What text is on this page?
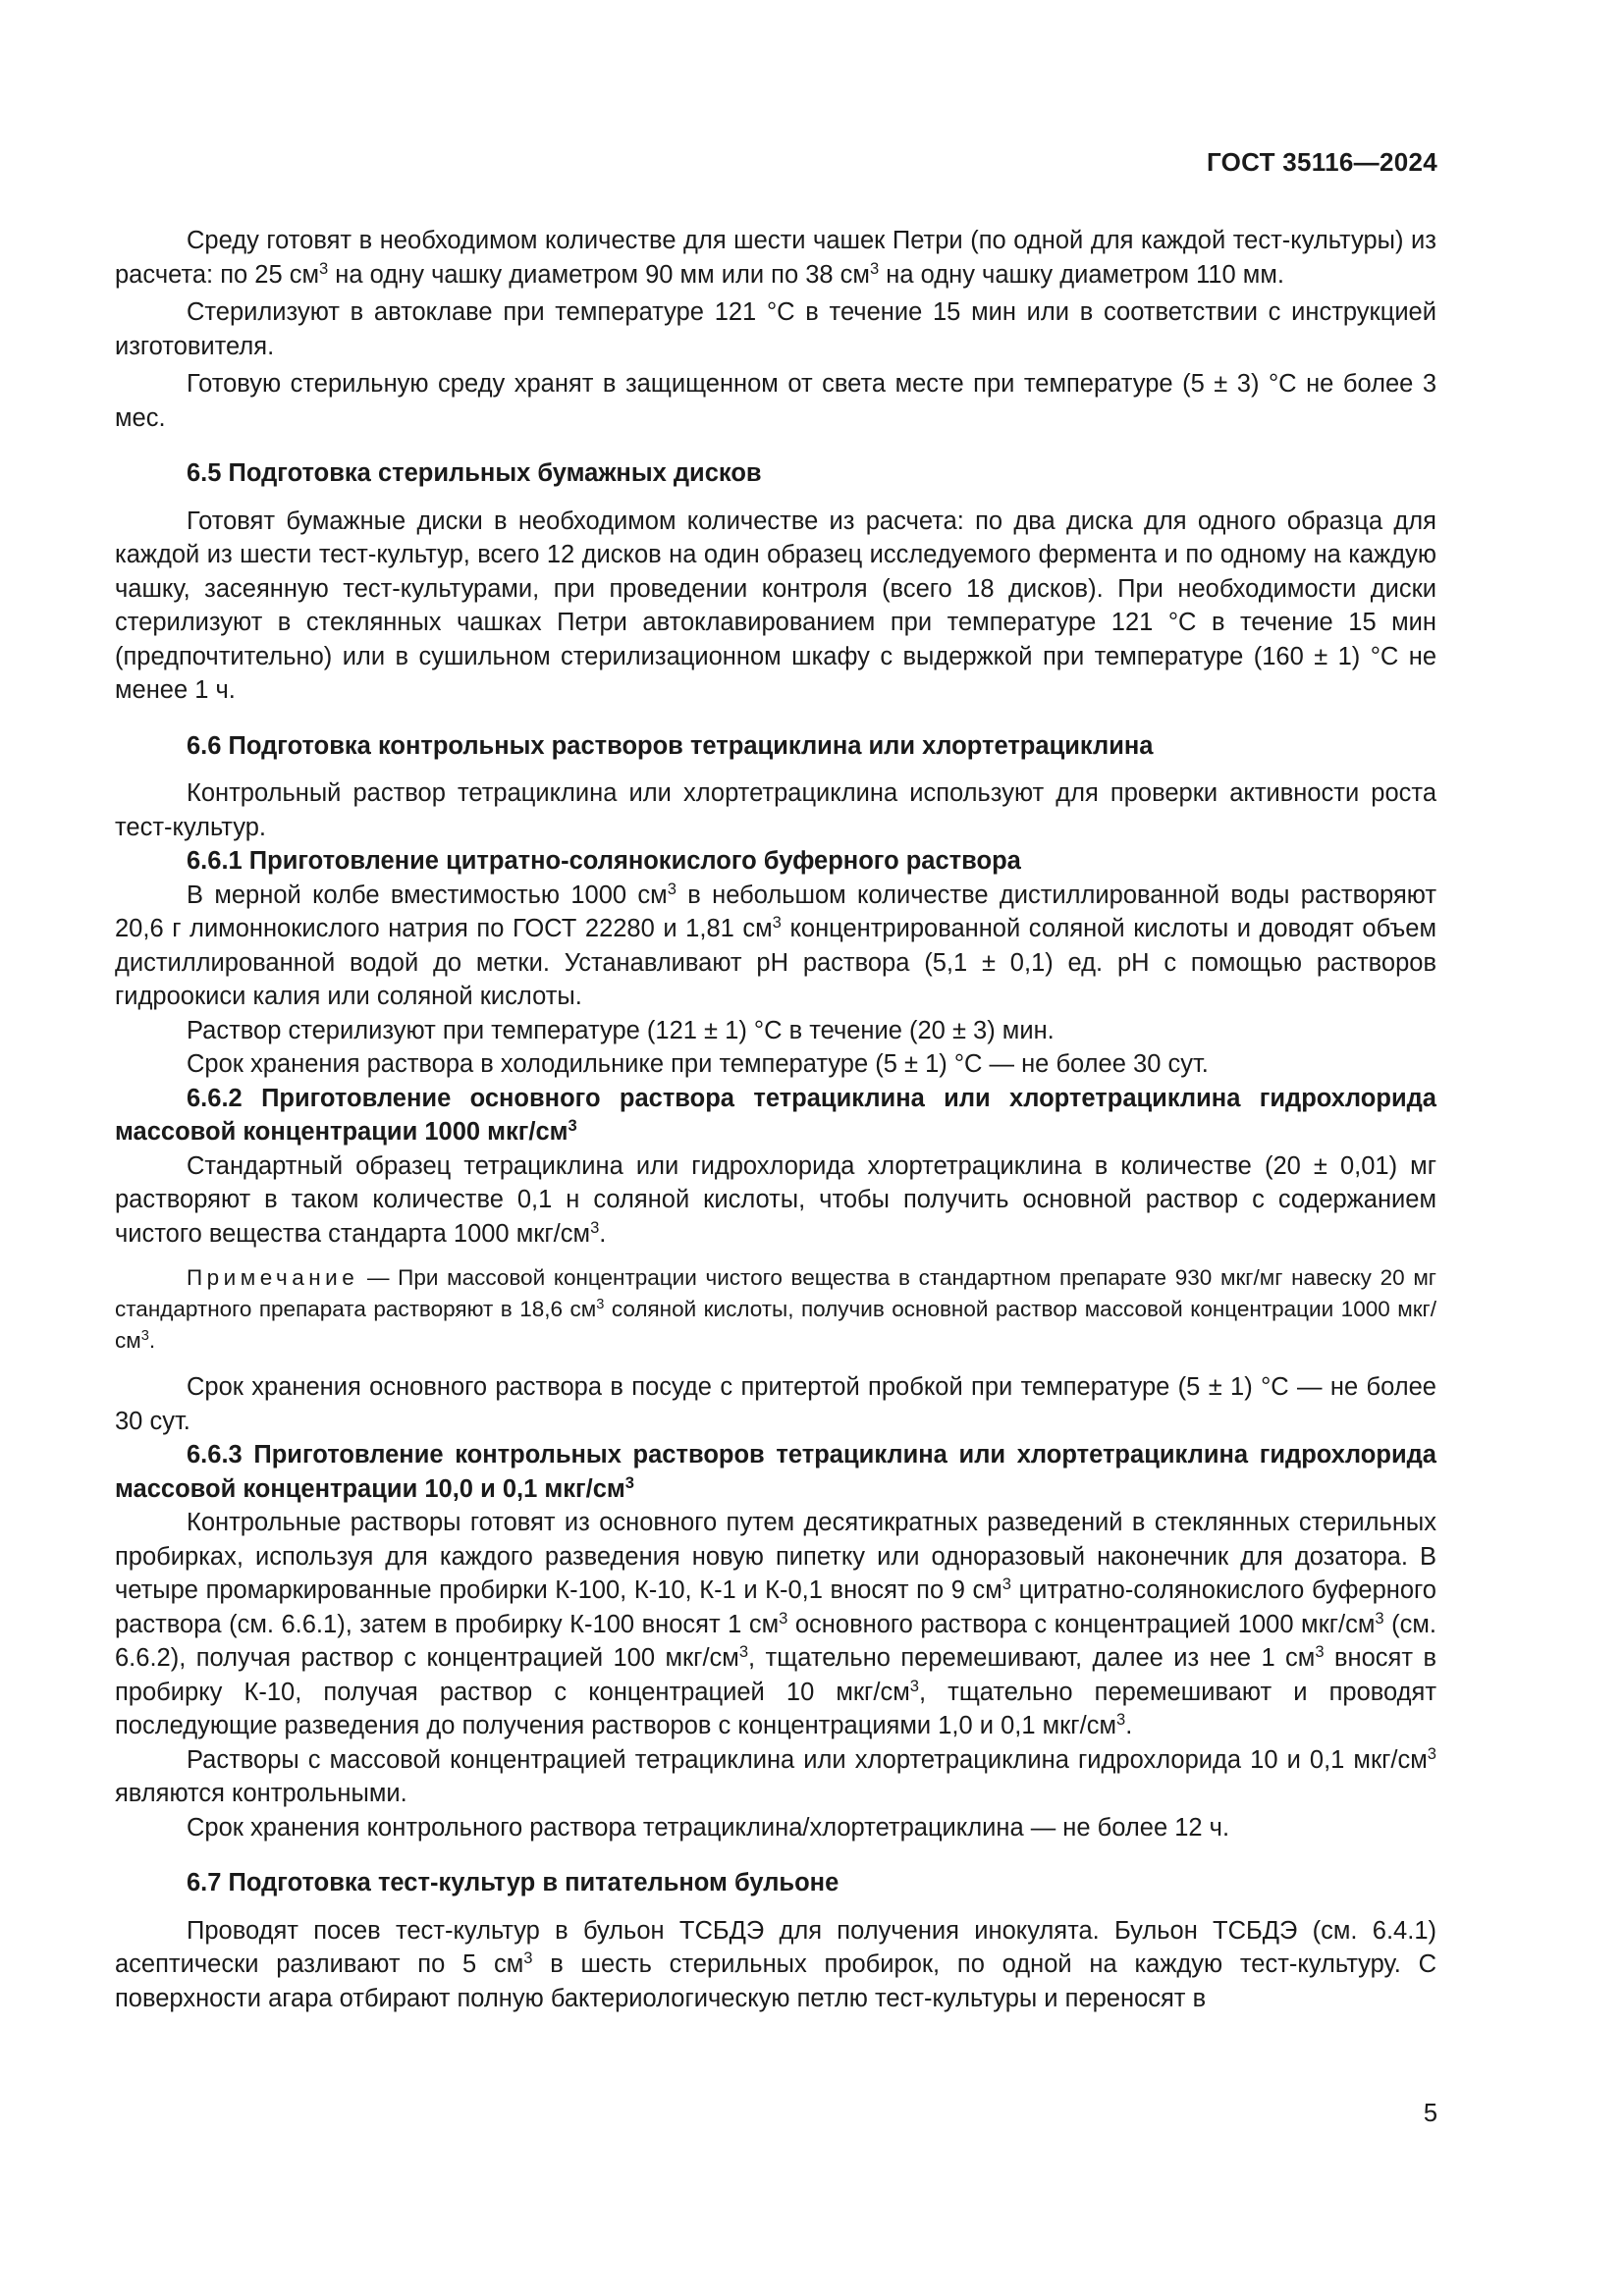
ГОСТ 35116—2024

Среду готовят в необходимом количестве для шести чашек Петри (по одной для каждой тест-культуры) из расчета: по 25 $см^3$ на одну чашку диаметром 90 мм или по 38 $см^3$ на одну чашку диаметром 110 мм.

Стерилизуют в автоклаве при температуре 121 °С в течение 15 мин или в соответствии с инструкцией изготовителя.

Готовую стерильную среду хранят в защищенном от света месте при температуре (5 ± 3) °С не более 3 мес.

6.5 Подготовка стерильных бумажных дисков

Готовят бумажные диски в необходимом количестве из расчета: по два диска для одного образца для каждой из шести тест-культур, всего 12 дисков на один образец исследуемого фермента и по одному на каждую чашку, засеянную тест-культурами, при проведении контроля (всего 18 дисков). При необходимости диски стерилизуют в стеклянных чашках Петри автоклавированием при температуре 121 °С в течение 15 мин (предпочтительно) или в сушильном стерилизационном шкафу с выдержкой при температуре (160 ± 1) °С не менее 1 ч.

6.6 Подготовка контрольных растворов тетрациклина или хлортетрациклина

Контрольный раствор тетрациклина или хлортетрациклина используют для проверки активности роста тест-культур.

6.6.1 Приготовление цитратно-солянокислого буферного раствора

В мерной колбе вместимостью 1000 $см^3$ в небольшом количестве дистиллированной воды растворяют 20,6 г лимоннокислого натрия по ГОСТ 22280 и 1,81 $см^3$ концентрированной соляной кислоты и доводят объем дистиллированной водой до метки. Устанавливают рН раствора (5,1 ± 0,1) ед. рН с помощью растворов гидроокиси калия или соляной кислоты.

Раствор стерилизуют при температуре (121 ± 1) °С в течение (20 ± 3) мин.

Срок хранения раствора в холодильнике при температуре (5 ± 1) °С — не более 30 сут.

6.6.2 Приготовление основного раствора тетрациклина или хлортетрациклина гидрохлорида массовой концентрации 1000 мкг/$см^3$

Стандартный образец тетрациклина или гидрохлорида хлортетрациклина в количестве (20 ± 0,01) мг растворяют в таком количестве 0,1 н соляной кислоты, чтобы получить основной раствор с содержанием чистого вещества стандарта 1000 мкг/$см^3$.

Примечание — При массовой концентрации чистого вещества в стандартном препарате 930 мкг/мг навеску 20 мг стандартного препарата растворяют в 18,6 $см^3$ соляной кислоты, получив основной раствор массовой концентрации 1000 мкг/$см^3$.

Срок хранения основного раствора в посуде с притертой пробкой при температуре (5 ± 1) °С — не более 30 сут.

6.6.3 Приготовление контрольных растворов тетрациклина или хлортетрациклина гидрохлорида массовой концентрации 10,0 и 0,1 мкг/$см^3$

Контрольные растворы готовят из основного путем десятикратных разведений в стеклянных стерильных пробирках, используя для каждого разведения новую пипетку или одноразовый наконечник для дозатора. В четыре промаркированные пробирки К-100, К-10, К-1 и К-0,1 вносят по 9 $см^3$ цитратно-солянокислого буферного раствора (см. 6.6.1), затем в пробирку К-100 вносят 1 $см^3$ основного раствора с концентрацией 1000 мкг/$см^3$ (см. 6.6.2), получая раствор с концентрацией 100 мкг/$см^3$, тщательно перемешивают, далее из нее 1 $см^3$ вносят в пробирку К-10, получая раствор с концентрацией 10 мкг/$см^3$, тщательно перемешивают и проводят последующие разведения до получения растворов с концентрациями 1,0 и 0,1 мкг/$см^3$.

Растворы с массовой концентрацией тетрациклина или хлортетрациклина гидрохлорида 10 и 0,1 мкг/$см^3$ являются контрольными.

Срок хранения контрольного раствора тетрациклина/хлортетрациклина — не более 12 ч.

6.7 Подготовка тест-культур в питательном бульоне

Проводят посев тест-культур в бульон ТСБДЭ для получения инокулята. Бульон ТСБДЭ (см. 6.4.1) асептически разливают по 5 $см^3$ в шесть стерильных пробирок, по одной на каждую тест-культуру. С поверхности агара отбирают полную бактериологическую петлю тест-культуры и переносят в

5
